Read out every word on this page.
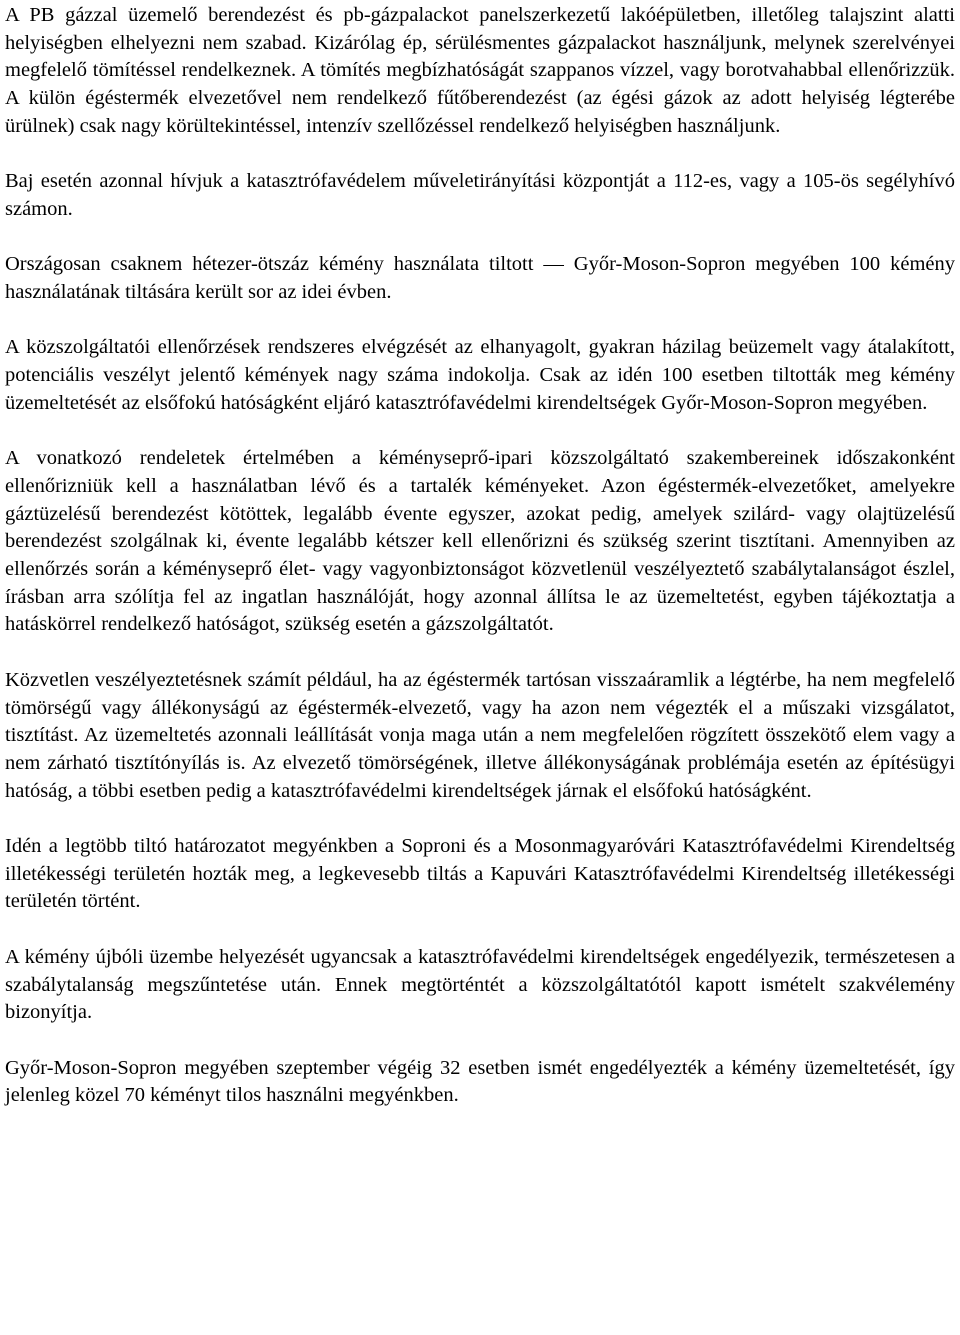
A PB gázzal üzemelő berendezést és pb-gázpalackot panelszerkezetű lakóépületben, illetőleg talajszint alatti helyiségben elhelyezni nem szabad. Kizárólag ép, sérülésmentes gázpalackot használjunk, melynek szerelvényei megfelelő tömítéssel rendelkeznek. A tömítés megbízhatóságát szappanos vízzel, vagy borotvahabbal ellenőrizzük. A külön égéstermék elvezetővel nem rendelkező fűtőberendezést (az égési gázok az adott helyiség légterébe ürülnek) csak nagy körültekintéssel, intenzív szellőzéssel rendelkező helyiségben használjunk.

Baj esetén azonnal hívjuk a katasztrófavédelem műveletirányítási központját a 112-es, vagy a 105-ös segélyhívó számon.

Országosan csaknem hétezer-ötszáz kémény használata tiltott — Győr-Moson-Sopron megyében 100 kémény használatának tiltására került sor az idei évben.

A közszolgáltatói ellenőrzések rendszeres elvégzését az elhanyagolt, gyakran házilag beüzemelt vagy átalakított, potenciális veszélyt jelentő kémények nagy száma indokolja. Csak az idén 100 esetben tiltották meg kémény üzemeltetését az elsőfokú hatóságként eljáró katasztrófavédelmi kirendeltségek Győr-Moson-Sopron megyében.

A vonatkozó rendeletek értelmében a kéményseprő-ipari közszolgáltató szakembereinek időszakonként ellenőrizniük kell a használatban lévő és a tartalék kéményeket. Azon égéstermék-elvezetőket, amelyekre gáztüzelésű berendezést kötöttek, legalább évente egyszer, azokat pedig, amelyek szilárd- vagy olajtüzelésű berendezést szolgálnak ki, évente legalább kétszer kell ellenőrizni és szükség szerint tisztítani. Amennyiben az ellenőrzés során a kéményseprő élet- vagy vagyonbiztonságot közvetlenül veszélyeztető szabálytalanságot észlel, írásban arra szólítja fel az ingatlan használóját, hogy azonnal állítsa le az üzemeltetést, egyben tájékoztatja a hatáskörrel rendelkező hatóságot, szükség esetén a gázszolgáltatót.

Közvetlen veszélyeztetésnek számít például, ha az égéstermék tartósan visszaáramlik a légtérbe, ha nem megfelelő tömörségű vagy állékonyságú az égéstermék-elvezető, vagy ha azon nem végezték el a műszaki vizsgálatot, tisztítást. Az üzemeltetés azonnali leállítását vonja maga után a nem megfelelően rögzített összekötő elem vagy a nem zárható tisztítónyílás is. Az elvezető tömörségének, illetve állékonyságának problémája esetén az építésügyi hatóság, a többi esetben pedig a katasztrófavédelmi kirendeltségek járnak el elsőfokú hatóságként.

Idén a legtöbb tiltó határozatot megyénkben a Soproni és a Mosonmagyaróvári Katasztrófavédelmi Kirendeltség illetékességi területén hozták meg, a legkevesebb tiltás a Kapuvári Katasztrófavédelmi Kirendeltség illetékességi területén történt.

A kémény újbóli üzembe helyezését ugyancsak a katasztrófavédelmi kirendeltségek engedélyezik, természetesen a szabálytalanság megszűntetése után. Ennek megtörténtét a közszolgáltatótól kapott ismételt szakvélemény bizonyítja.

Győr-Moson-Sopron megyében szeptember végéig 32 esetben ismét engedélyezték a kémény üzemeltetését, így jelenleg közel 70 kéményt tilos használni megyénkben.
